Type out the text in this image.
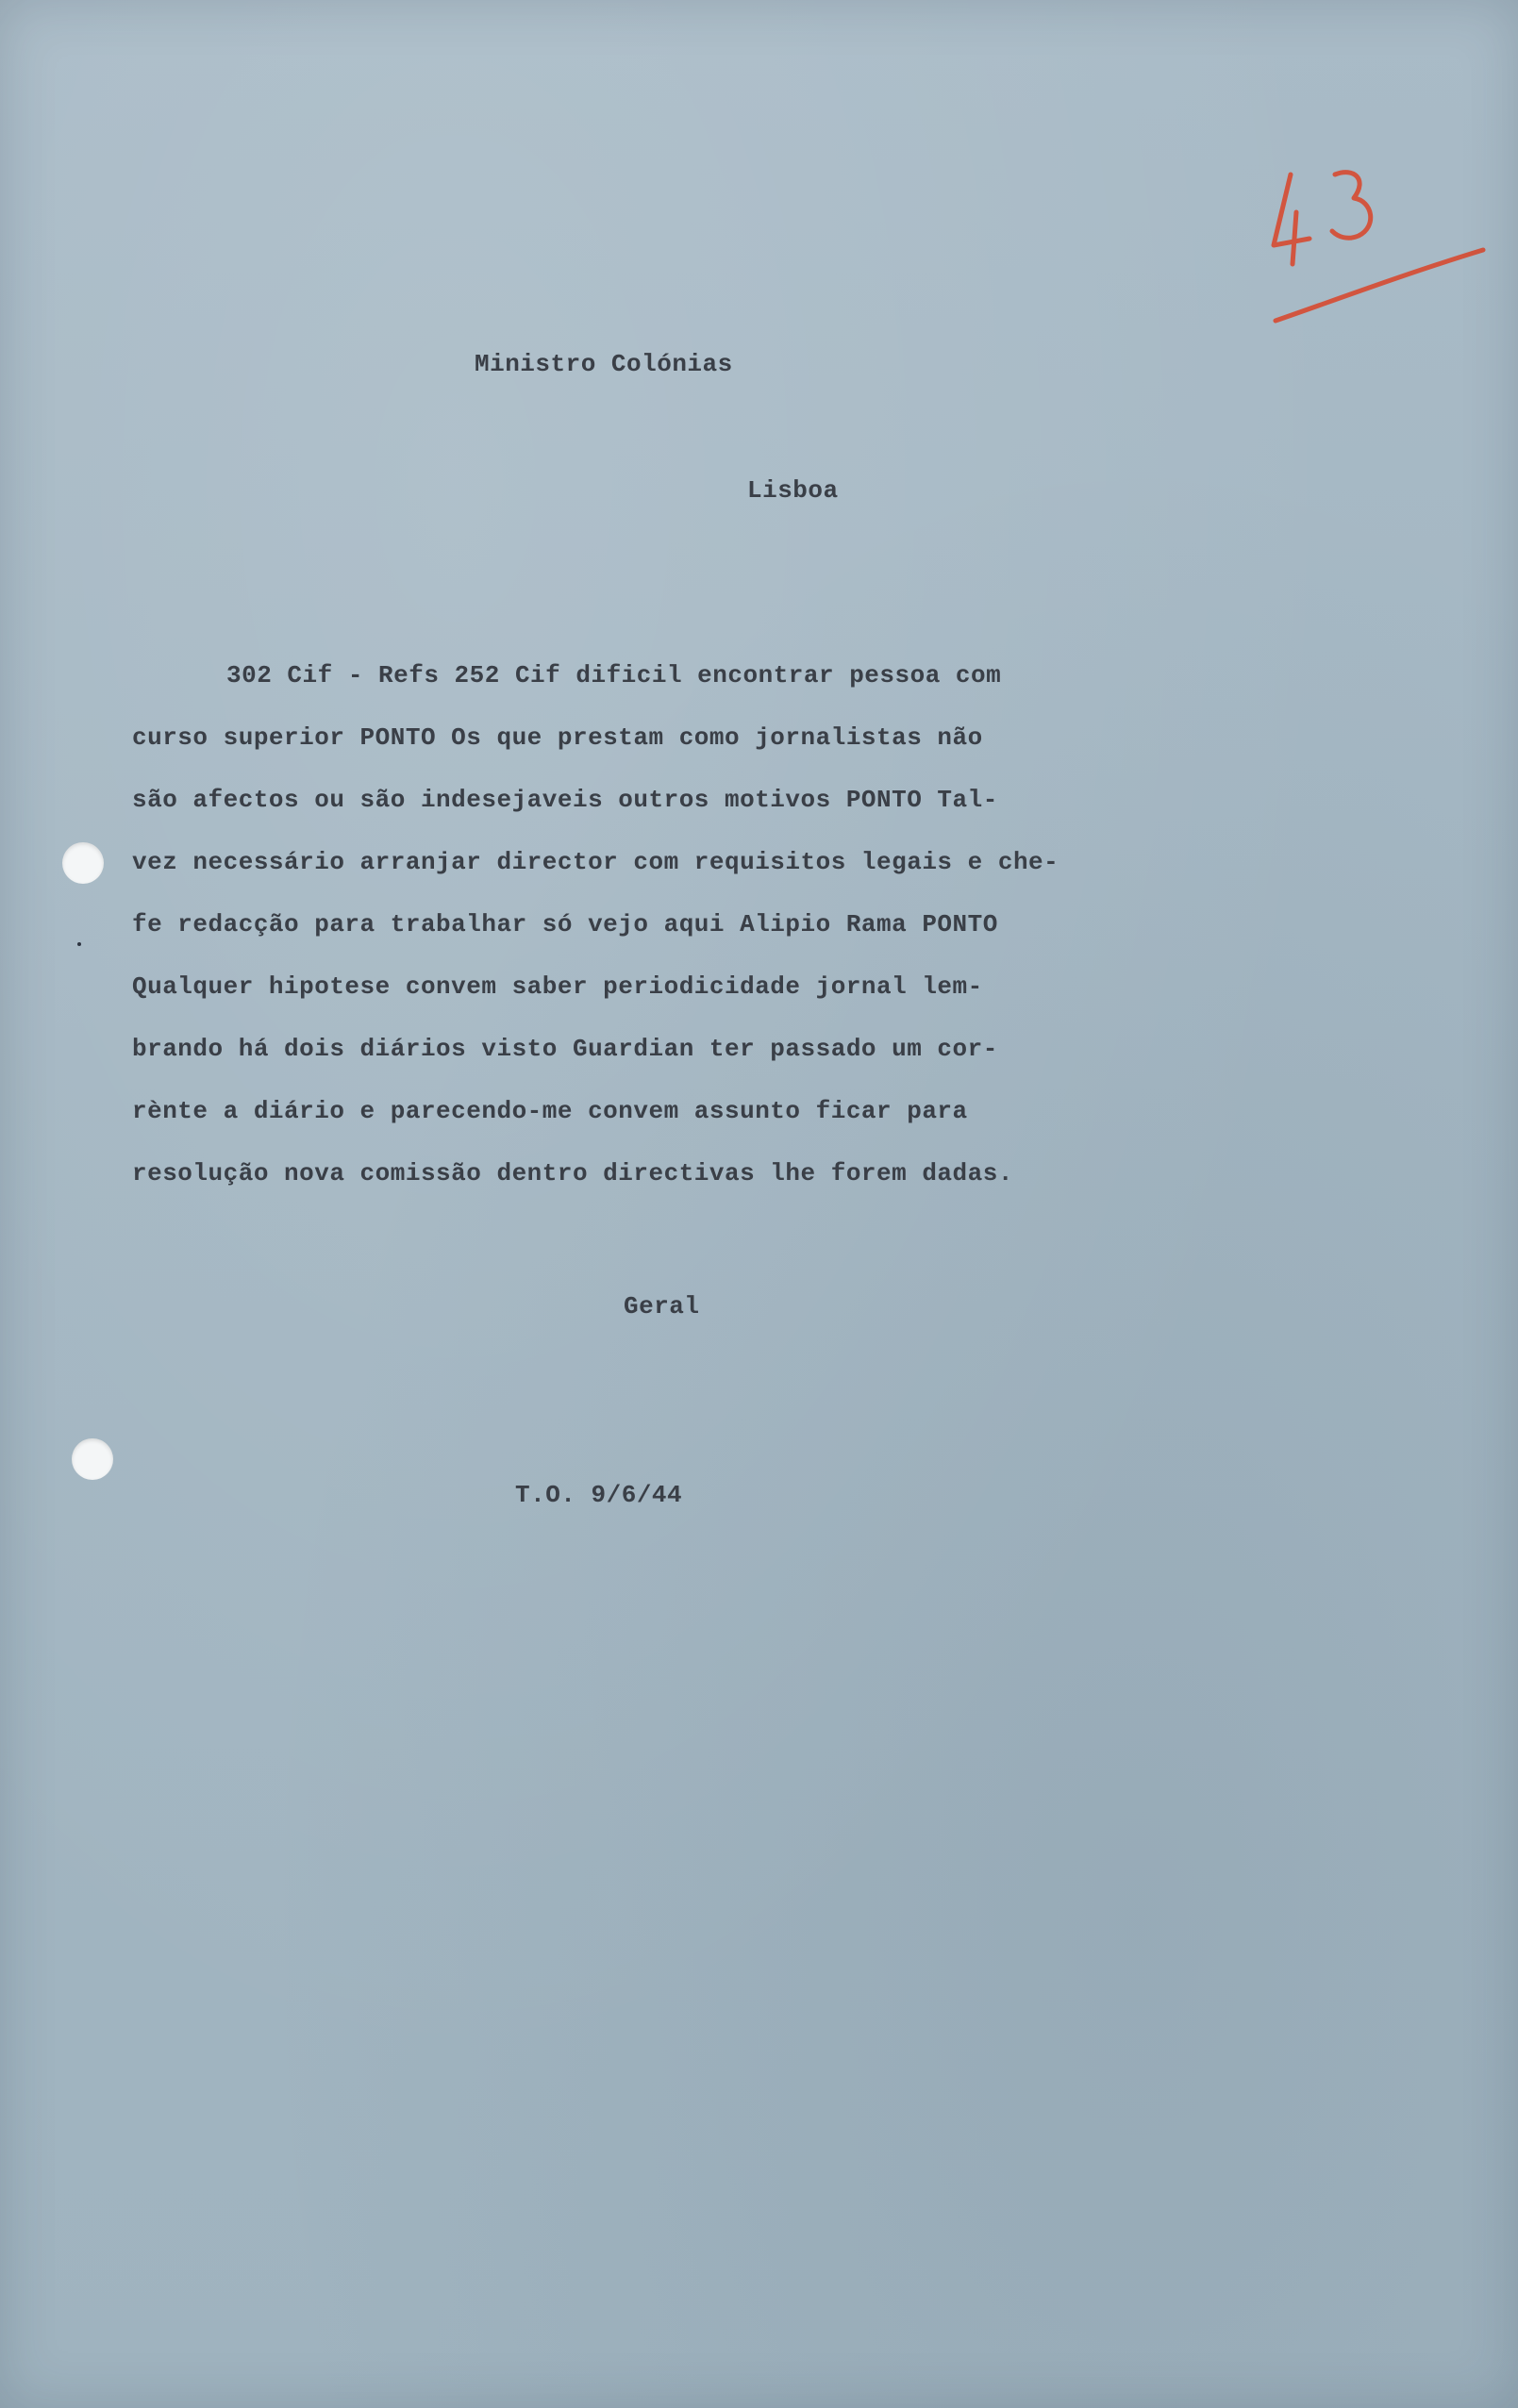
Ministro Colónias

Lisboa

302 Cif - Refs 252 Cif dificil encontrar pessoa com

curso superior PONTO Os que prestam como jornalistas não

são afectos ou são indesejaveis outros motivos PONTO Tal-

vez necessário arranjar director com requisitos legais e che-

fe redacção para trabalhar só vejo aqui Alipio Rama PONTO

Qualquer hipotese convem saber periodicidade jornal lem-

brando há dois diários visto Guardian ter passado um cor-

rènte a diário e parecendo-me convem assunto ficar para

resolução nova comissão dentro directivas lhe forem dadas.

Geral

T.O. 9/6/44
